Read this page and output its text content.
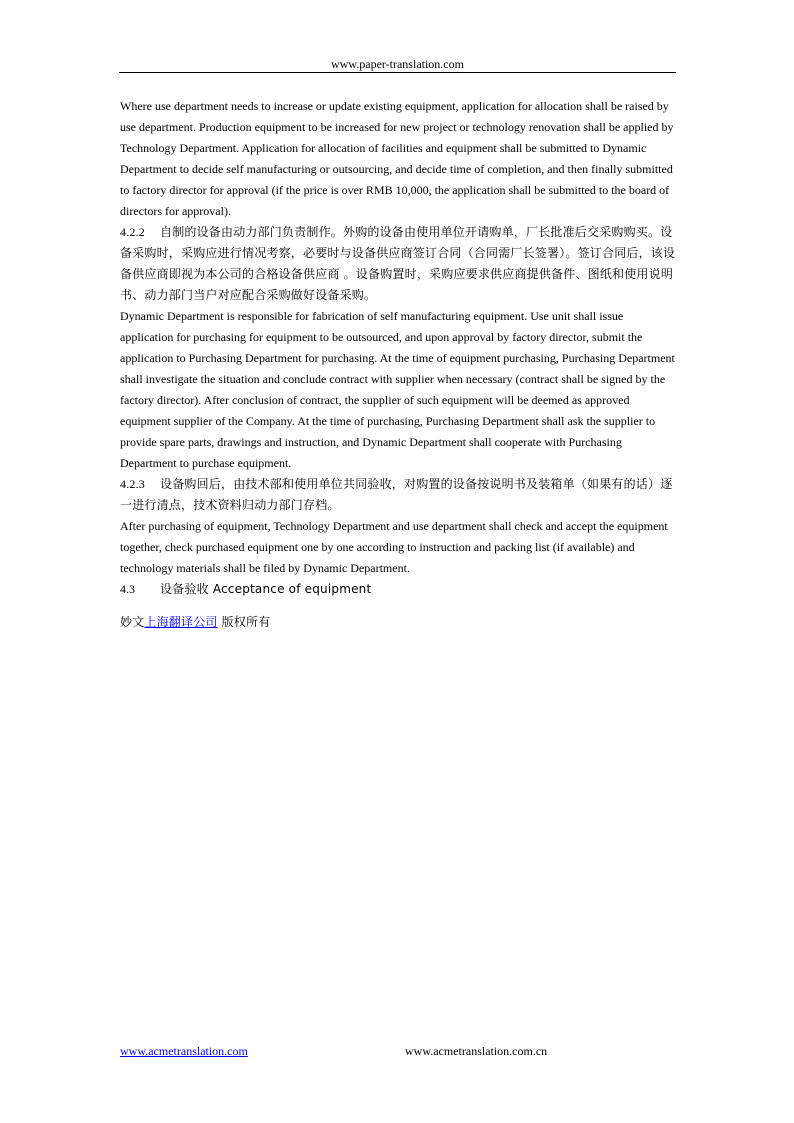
www.paper-translation.com

Where use department needs to increase or update existing equipment, application for allocation shall be raised by use department. Production equipment to be increased for new project or technology renovation shall be applied by Technology Department. Application for allocation of facilities and equipment shall be submitted to Dynamic Department to decide self manufacturing or outsourcing, and decide time of completion, and then finally submitted to factory director for approval (if the price is over RMB 10,000, the application shall be submitted to the board of directors for approval).

4.2.2 自制的设备由动力部门负责制作。外购的设备由使用单位开请购单，厂长批准后交采购购买。设备采购时，采购应进行情况考察，必要时与设备供应商签订合同（合同需厂长签署）。签订合同后，该设备供应商即视为本公司的合格设备供应商 。设备购置时，采购应要求供应商提供备件、图纸和使用说明书、动力部门当户对应配合采购做好设备采购。

Dynamic Department is responsible for fabrication of self manufacturing equipment. Use unit shall issue application for purchasing for equipment to be outsourced, and upon approval by factory director, submit the application to Purchasing Department for purchasing. At the time of equipment purchasing, Purchasing Department shall investigate the situation and conclude contract with supplier when necessary (contract shall be signed by the factory director). After conclusion of contract, the supplier of such equipment will be deemed as approved equipment supplier of the Company. At the time of purchasing, Purchasing Department shall ask the supplier to provide spare parts, drawings and instruction, and Dynamic Department shall cooperate with Purchasing Department to purchase equipment.

4.2.3 设备购回后，由技术部和使用单位共同验收，对购置的设备按说明书及装箱单（如果有的话）逐一进行清点，技术资料归动力部门存档。

After purchasing of equipment, Technology Department and use department shall check and accept the equipment together, check purchased equipment one by one according to instruction and packing list (if available) and technology materials shall be filed by Dynamic Department.

4.3 设备验收 Acceptance of equipment

妙文上海翻译公司 版权所有

www.acmetranslation.com	www.acmetranslation.com.cn
